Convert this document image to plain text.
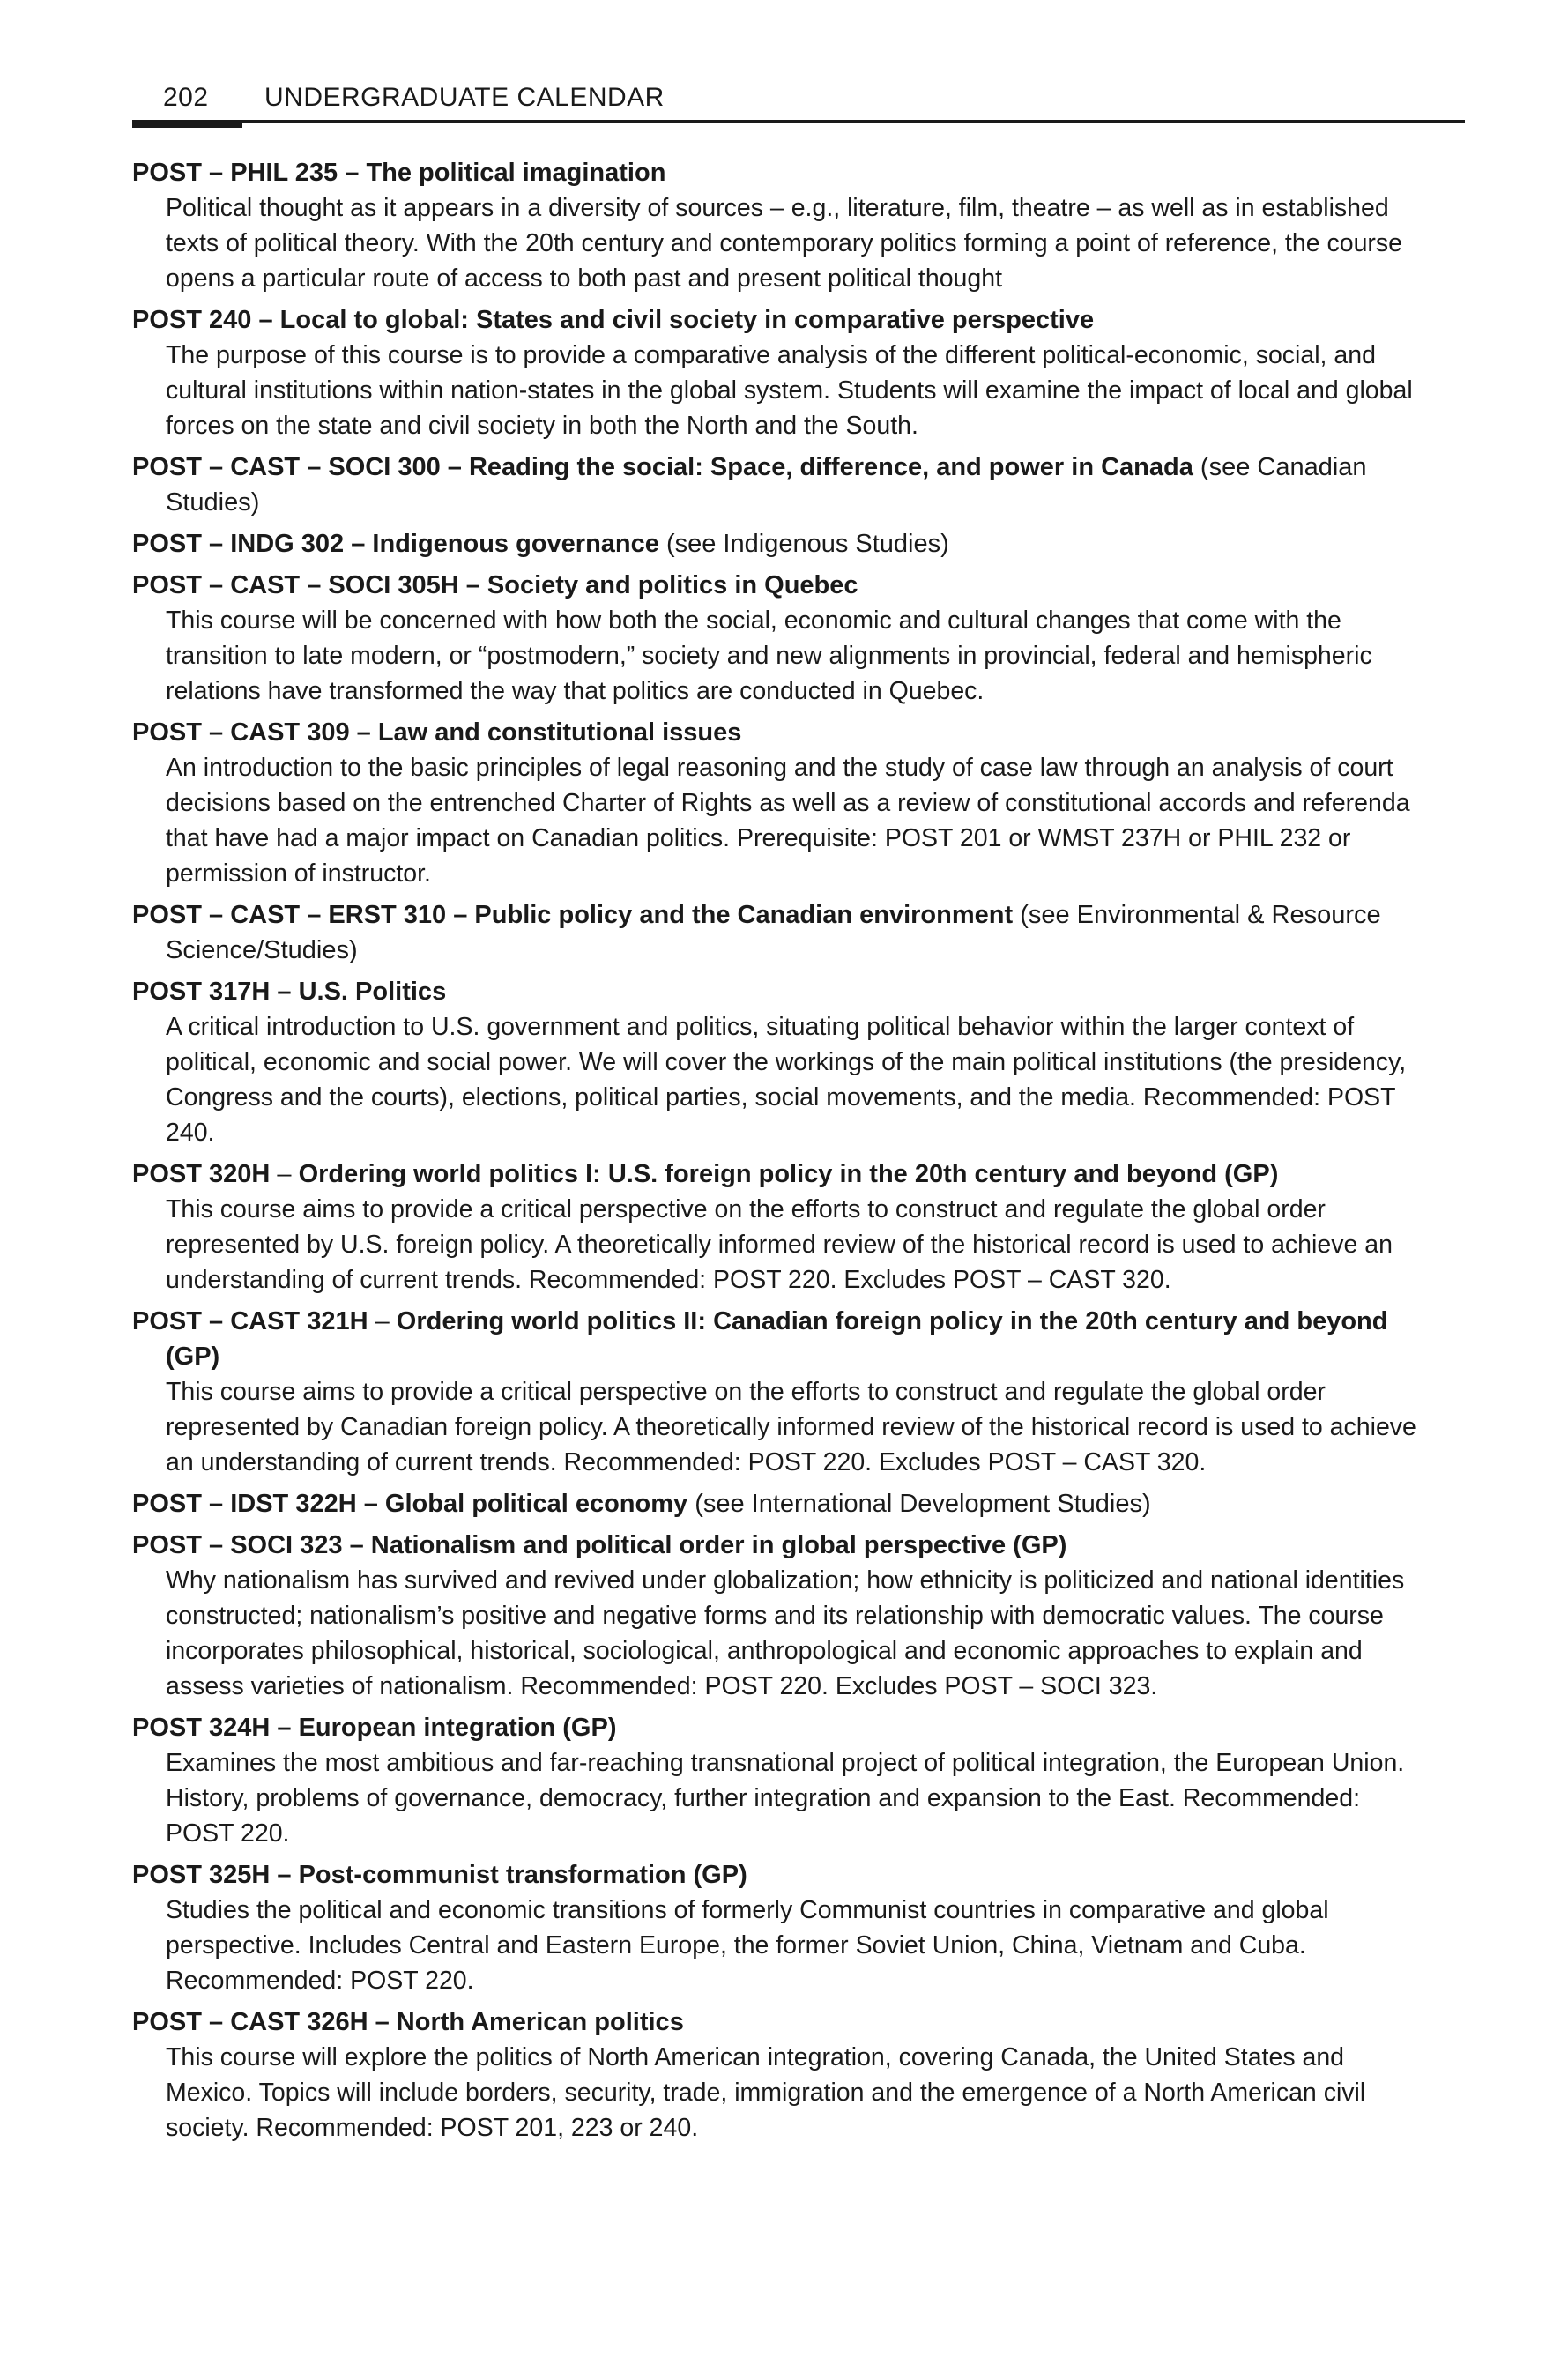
202 UNDERGRADUATE CALENDAR
POST – PHIL 235 – The political imagination
Political thought as it appears in a diversity of sources – e.g., literature, film, theatre – as well as in established texts of political theory. With the 20th century and contemporary politics forming a point of reference, the course opens a particular route of access to both past and present political thought
POST 240 – Local to global: States and civil society in comparative perspective
The purpose of this course is to provide a comparative analysis of the different political-economic, social, and cultural institutions within nation-states in the global system. Students will examine the impact of local and global forces on the state and civil society in both the North and the South.
POST – CAST – SOCI 300 – Reading the social: Space, difference, and power in Canada (see Canadian Studies)
POST – INDG 302 – Indigenous governance (see Indigenous Studies)
POST – CAST – SOCI 305H – Society and politics in Quebec
This course will be concerned with how both the social, economic and cultural changes that come with the transition to late modern, or “postmodern,” society and new alignments in provincial, federal and hemispheric relations have transformed the way that politics are conducted in Quebec.
POST – CAST 309 – Law and constitutional issues
An introduction to the basic principles of legal reasoning and the study of case law through an analysis of court decisions based on the entrenched Charter of Rights as well as a review of constitutional accords and referenda that have had a major impact on Canadian politics. Prerequisite: POST 201 or WMST 237H or PHIL 232 or permission of instructor.
POST – CAST – ERST 310 – Public policy and the Canadian environment (see Environmental & Resource Science/Studies)
POST 317H – U.S. Politics
A critical introduction to U.S. government and politics, situating political behavior within the larger context of political, economic and social power. We will cover the workings of the main political institutions (the presidency, Congress and the courts), elections, political parties, social movements, and the media. Recommended: POST 240.
POST 320H – Ordering world politics I: U.S. foreign policy in the 20th century and beyond (GP)
This course aims to provide a critical perspective on the efforts to construct and regulate the global order represented by U.S. foreign policy. A theoretically informed review of the historical record is used to achieve an understanding of current trends. Recommended: POST 220. Excludes POST – CAST 320.
POST – CAST 321H – Ordering world politics II: Canadian foreign policy in the 20th century and beyond (GP)
This course aims to provide a critical perspective on the efforts to construct and regulate the global order represented by Canadian foreign policy. A theoretically informed review of the historical record is used to achieve an understanding of current trends. Recommended: POST 220. Excludes POST – CAST 320.
POST – IDST 322H – Global political economy (see International Development Studies)
POST – SOCI 323 – Nationalism and political order in global perspective (GP)
Why nationalism has survived and revived under globalization; how ethnicity is politicized and national identities constructed; nationalism’s positive and negative forms and its relationship with democratic values. The course incorporates philosophical, historical, sociological, anthropological and economic approaches to explain and assess varieties of nationalism. Recommended: POST 220. Excludes POST – SOCI 323.
POST 324H – European integration (GP)
Examines the most ambitious and far-reaching transnational project of political integration, the European Union. History, problems of governance, democracy, further integration and expansion to the East. Recommended: POST 220.
POST 325H – Post-communist transformation (GP)
Studies the political and economic transitions of formerly Communist countries in comparative and global perspective. Includes Central and Eastern Europe, the former Soviet Union, China, Vietnam and Cuba. Recommended: POST 220.
POST – CAST 326H – North American politics
This course will explore the politics of North American integration, covering Canada, the United States and Mexico. Topics will include borders, security, trade, immigration and the emergence of a North American civil society. Recommended: POST 201, 223 or 240.
